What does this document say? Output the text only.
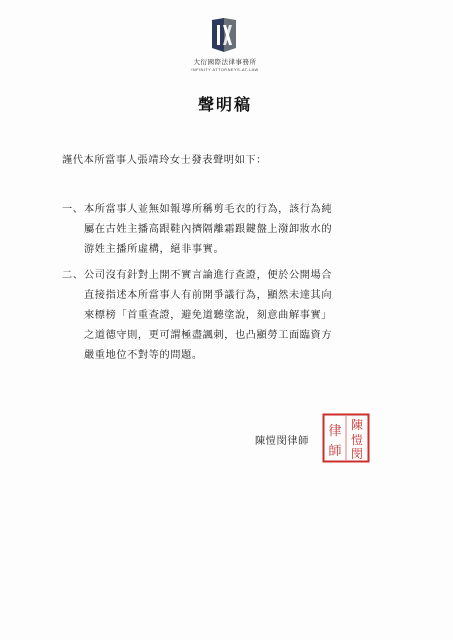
大衍國際法律事務所
INFINITY ATTORNEYS-AT-LAW
聲明稿
謹代本所當事人張靖玲女士發表聲明如下：
一、 本所當事人並無如報導所稱剪毛衣的行為，該行為純
屬在古姓主播高跟鞋內擠隔離霜跟鍵盤上潑卸妝水的
游姓主播所虛構，絕非事實。
二、 公司沒有針對上開不實言論進行查證，便於公開場合
直接指述本所當事人有前開爭議行為，顯然未達其向
來標榜「首重查證，避免道聽塗說，刻意曲解事實」
之道德守則，更可謂極盡諷刺，也凸顯勞工面臨資方
嚴重地位不對等的問題。
陳愷閔律師
陳
愷
閔
律
師
